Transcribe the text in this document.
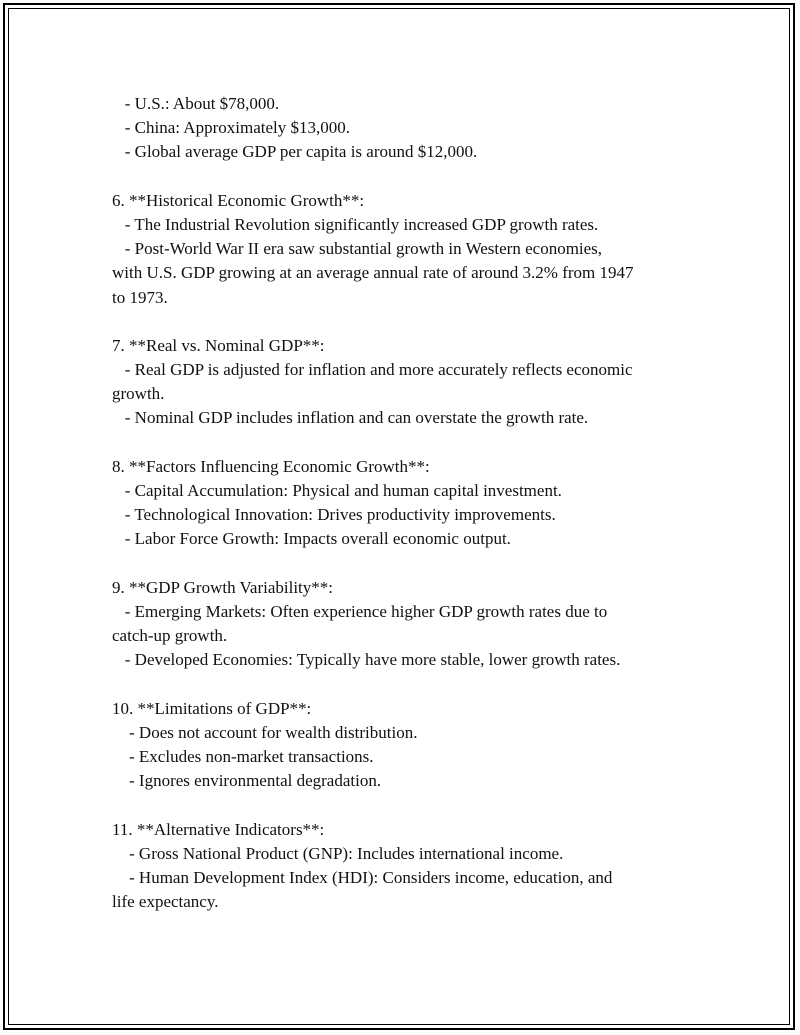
- U.S.: About $78,000.

- China: Approximately $13,000.

- Global average GDP per capita is around $12,000.

6. **Historical Economic Growth**:

- The Industrial Revolution significantly increased GDP growth rates.

- Post-World War II era saw substantial growth in Western economies,

with U.S. GDP growing at an average annual rate of around 3.2% from 1947

to 1973.

7. **Real vs. Nominal GDP**:

- Real GDP is adjusted for inflation and more accurately reflects economic

growth.

- Nominal GDP includes inflation and can overstate the growth rate.

8. **Factors Influencing Economic Growth**:

- Capital Accumulation: Physical and human capital investment.

- Technological Innovation: Drives productivity improvements.

- Labor Force Growth: Impacts overall economic output.

9. **GDP Growth Variability**:

- Emerging Markets: Often experience higher GDP growth rates due to

catch-up growth.

- Developed Economies: Typically have more stable, lower growth rates.

10. **Limitations of GDP**:

- Does not account for wealth distribution.

- Excludes non-market transactions.

- Ignores environmental degradation.

11. **Alternative Indicators**:

- Gross National Product (GNP): Includes international income.

- Human Development Index (HDI): Considers income, education, and

life expectancy.
